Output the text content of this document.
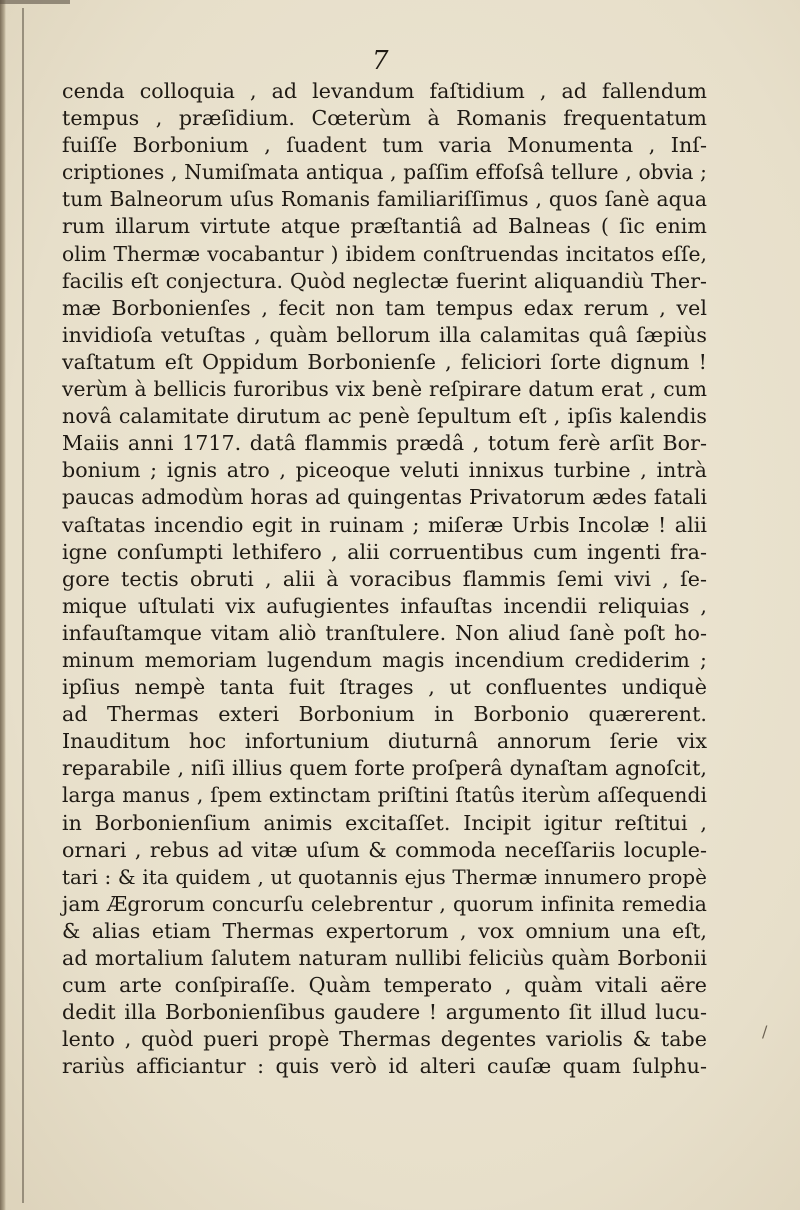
7
cenda colloquia , ad levandum faſtidium , ad fallendum
tempus , præſidium. Cœterùm à Romanis frequentatum
fuiſſe Borbonium , ſuadent tum varia Monumenta , Inſ-
criptiones , Numiſmata antiqua , paſſim effoſsâ tellure , obvia ;
tum Balneorum uſus Romanis familiariſſimus , quos ſanè aqua
rum illarum virtute atque præſtantiâ ad Balneas ( ſic enim
olim Thermæ vocabantur ) ibidem conſtruendas incitatos eſſe,
facilis eſt conjectura. Quòd neglectæ fuerint aliquandiù Ther-
mæ Borbonienſes , fecit non tam tempus edax rerum , vel
invidioſa vetuſtas , quàm bellorum illa calamitas quâ ſæpiùs
vaſtatum eſt Oppidum Borbonienſe , feliciori ſorte dignum !
verùm à bellicis furoribus vix benè reſpirare datum erat , cum
novâ calamitate dirutum ac penè ſepultum eſt , ipſis kalendis
Maiis anni 1717. datâ flammis prædâ , totum ferè arſit Bor-
bonium ; ignis atro , piceoque veluti innixus turbine , intrà
paucas admodùm horas ad quingentas Privatorum ædes fatali
vaſtatas incendio egit in ruinam ; miſeræ Urbis Incolæ ! alii
igne conſumpti lethifero , alii corruentibus cum ingenti fra-
gore tectis obruti , alii à voracibus flammis ſemi vivi , ſe-
mique uſtulati vix aufugientes infauſtas incendii reliquias ,
infauſtamque vitam aliò tranſtulere. Non aliud ſanè poſt ho-
minum memoriam lugendum magis incendium crediderim ;
ipſius nempè tanta fuit ſtrages , ut confluentes undiquè
ad Thermas exteri Borbonium in Borbonio quærerent.
Inauditum hoc infortunium diuturnâ annorum ſerie vix
reparabile , niſi illius quem forte proſperâ dynaſtam agnoſcit,
larga manus , ſpem extinctam priſtini ſtatûs iterùm aſſequendi
in Borbonienſium animis excitaſſet. Incipit igitur reſtitui ,
ornari , rebus ad vitæ uſum & commoda neceſſariis locuple-
tari : & ita quidem , ut quotannis ejus Thermæ innumero propè
jam Ægrorum concurſu celebrentur , quorum infinita remedia
& alias etiam Thermas expertorum , vox omnium una eſt,
ad mortalium ſalutem naturam nullibi feliciùs quàm Borbonii
cum arte conſpiraſſe. Quàm temperato , quàm vitali aëre
dedit illa Borbonienſibus gaudere ! argumento ſit illud lucu-
lento , quòd pueri propè Thermas degentes variolis & tabe
rariùs afficiantur : quis verò id alteri cauſæ quam ſulphu-
/
